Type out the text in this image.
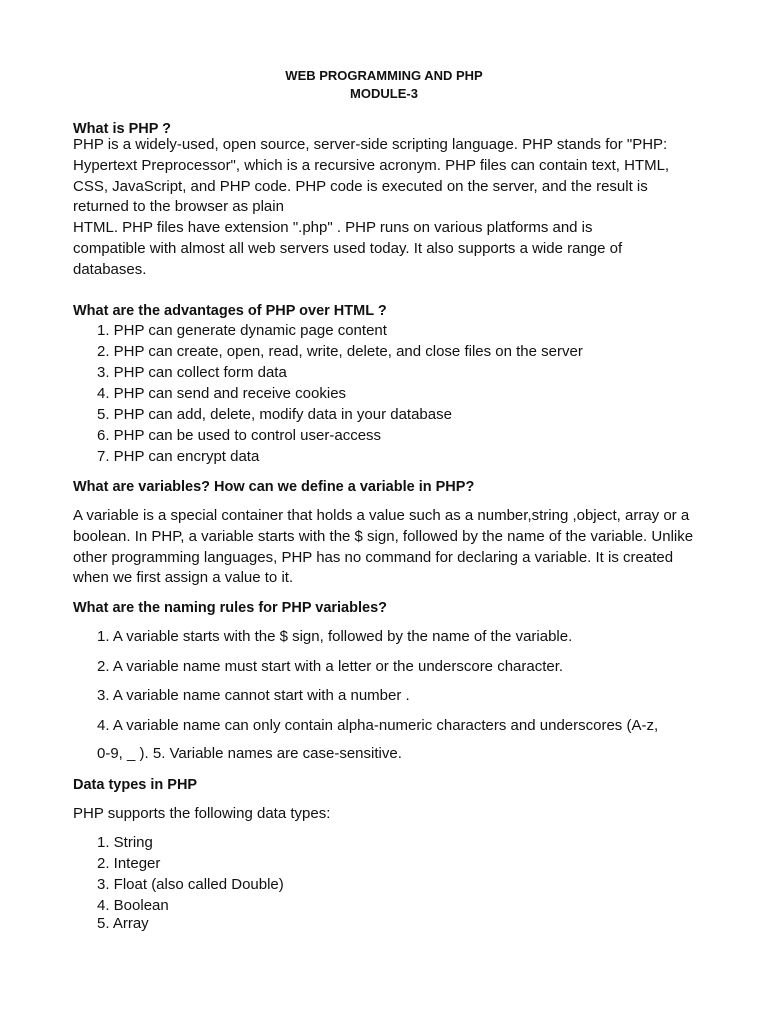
WEB PROGRAMMING AND PHP

MODULE-3

What is PHP ?

PHP is a widely-used, open source, server-side scripting language. PHP stands for "PHP:
Hypertext Preprocessor", which is a recursive acronym. PHP files can contain text, HTML,
CSS, JavaScript, and PHP code. PHP code is executed on the server, and the result is
returned to the browser as plain
HTML. PHP files have extension ".php" . PHP runs on various platforms and is
compatible with almost all web servers used today. It also supports a wide range of
databases.

What are the advantages of PHP over HTML ?

1. PHP can generate dynamic page content

2. PHP can create, open, read, write, delete, and close files on the server

3. PHP can collect form data

4. PHP can send and receive cookies

5. PHP can add, delete, modify data in your database

6. PHP can be used to control user-access

7. PHP can encrypt data

What are variables? How can we define a variable in PHP?

A variable is a special container that holds a value such as a number,string ,object, array or a
boolean. In PHP, a variable starts with the $ sign, followed by the name of the variable. Unlike
other programming languages, PHP has no command for declaring a variable. It is created
when we first assign a value to it.

What are the naming rules for PHP variables?

1. A variable starts with the $ sign, followed by the name of the variable.

2. A variable name must start with a letter or the underscore character.

3. A variable name cannot start with a number .

4. A variable name can only contain alpha-numeric characters and underscores (A-z,

0-9, _ ). 5. Variable names are case-sensitive.

Data types in PHP

PHP supports the following data types:

1. String

2. Integer

3. Float (also called Double)

4. Boolean

5. Array
